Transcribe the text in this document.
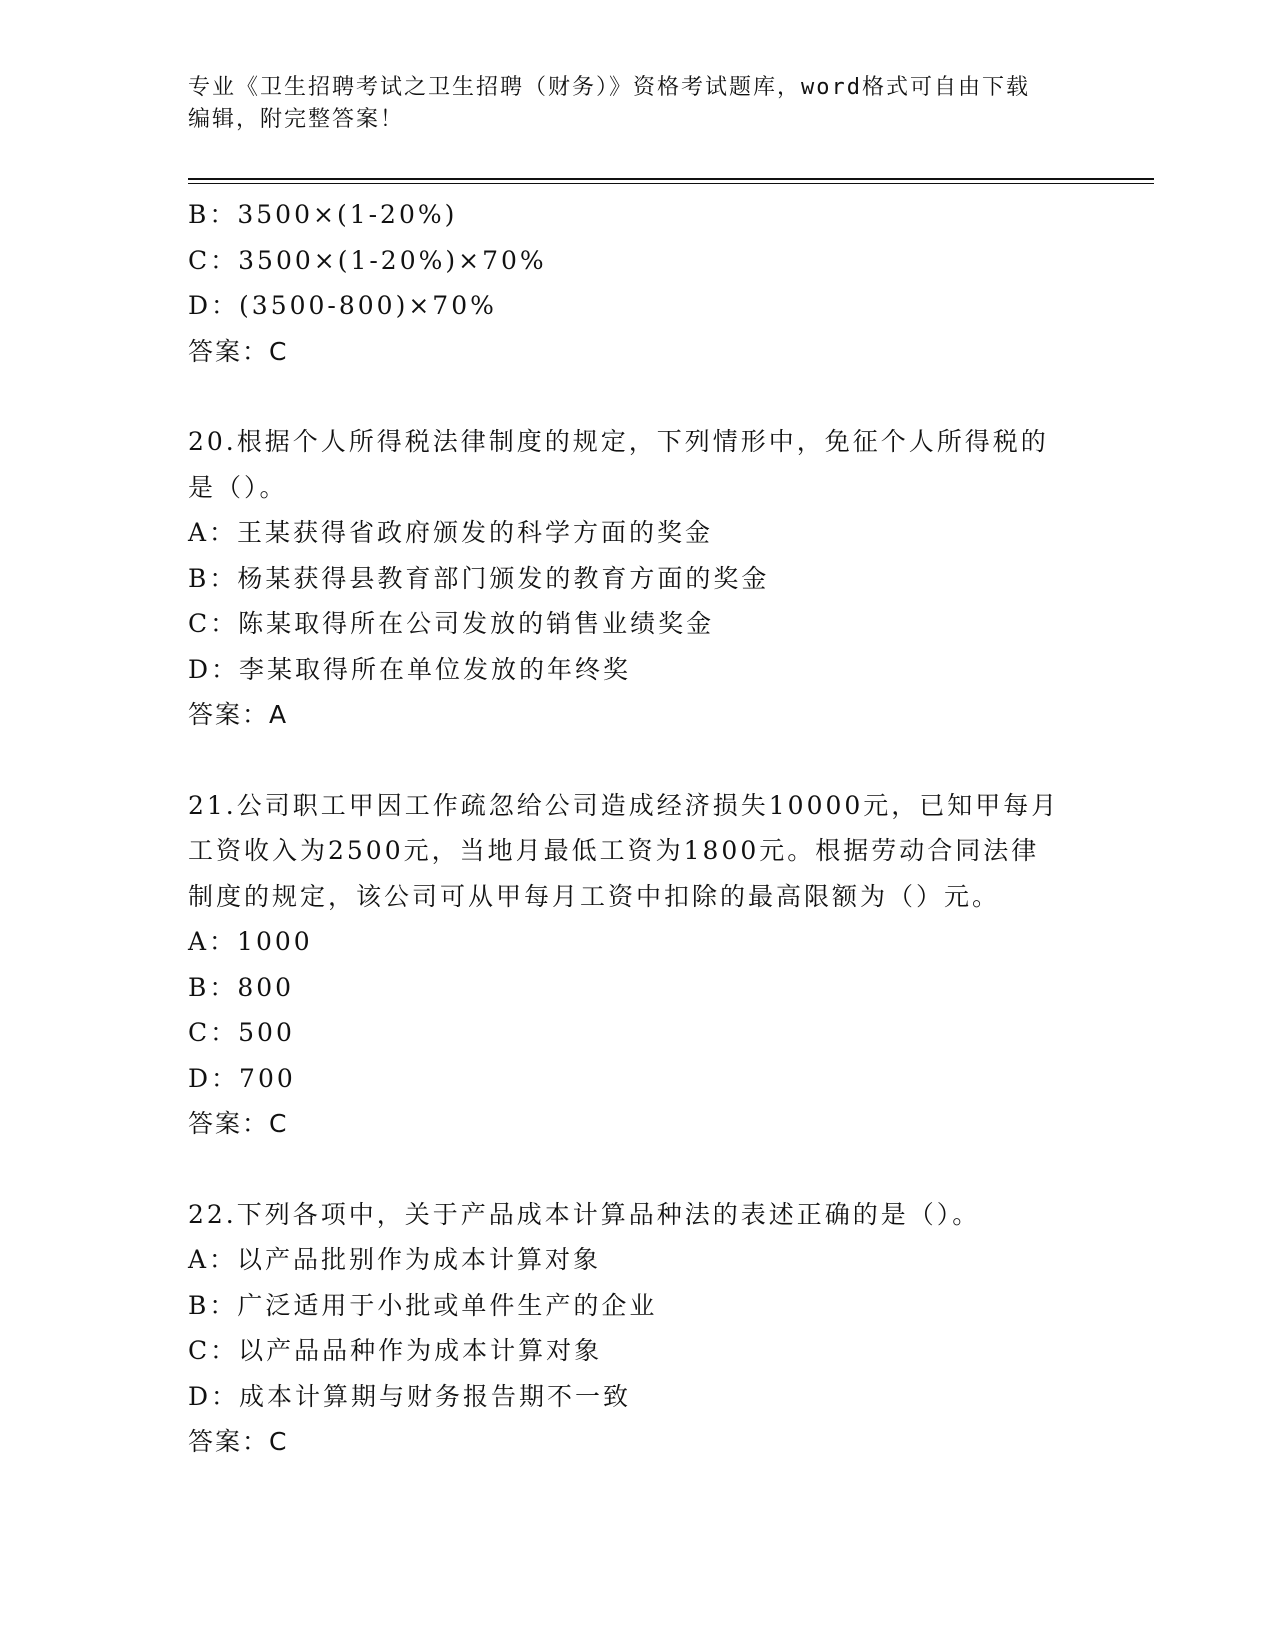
专业《卫生招聘考试之卫生招聘（财务）》资格考试题库，word格式可自由下载
编辑，附完整答案！
B：3500×(1-20%)
C：3500×(1-20%)×70%
D：(3500-800)×70%
答案：C
20.根据个人所得税法律制度的规定，下列情形中，免征个人所得税的
是（）。
A：王某获得省政府颁发的科学方面的奖金
B：杨某获得县教育部门颁发的教育方面的奖金
C：陈某取得所在公司发放的销售业绩奖金
D：李某取得所在单位发放的年终奖
答案：A
21.公司职工甲因工作疏忽给公司造成经济损失10000元，已知甲每月
工资收入为2500元，当地月最低工资为1800元。根据劳动合同法律
制度的规定，该公司可从甲每月工资中扣除的最高限额为（）元。
A：1000
B：800
C：500
D：700
答案：C
22.下列各项中，关于产品成本计算品种法的表述正确的是（）。
A：以产品批别作为成本计算对象
B：广泛适用于小批或单件生产的企业
C：以产品品种作为成本计算对象
D：成本计算期与财务报告期不一致
答案：C
